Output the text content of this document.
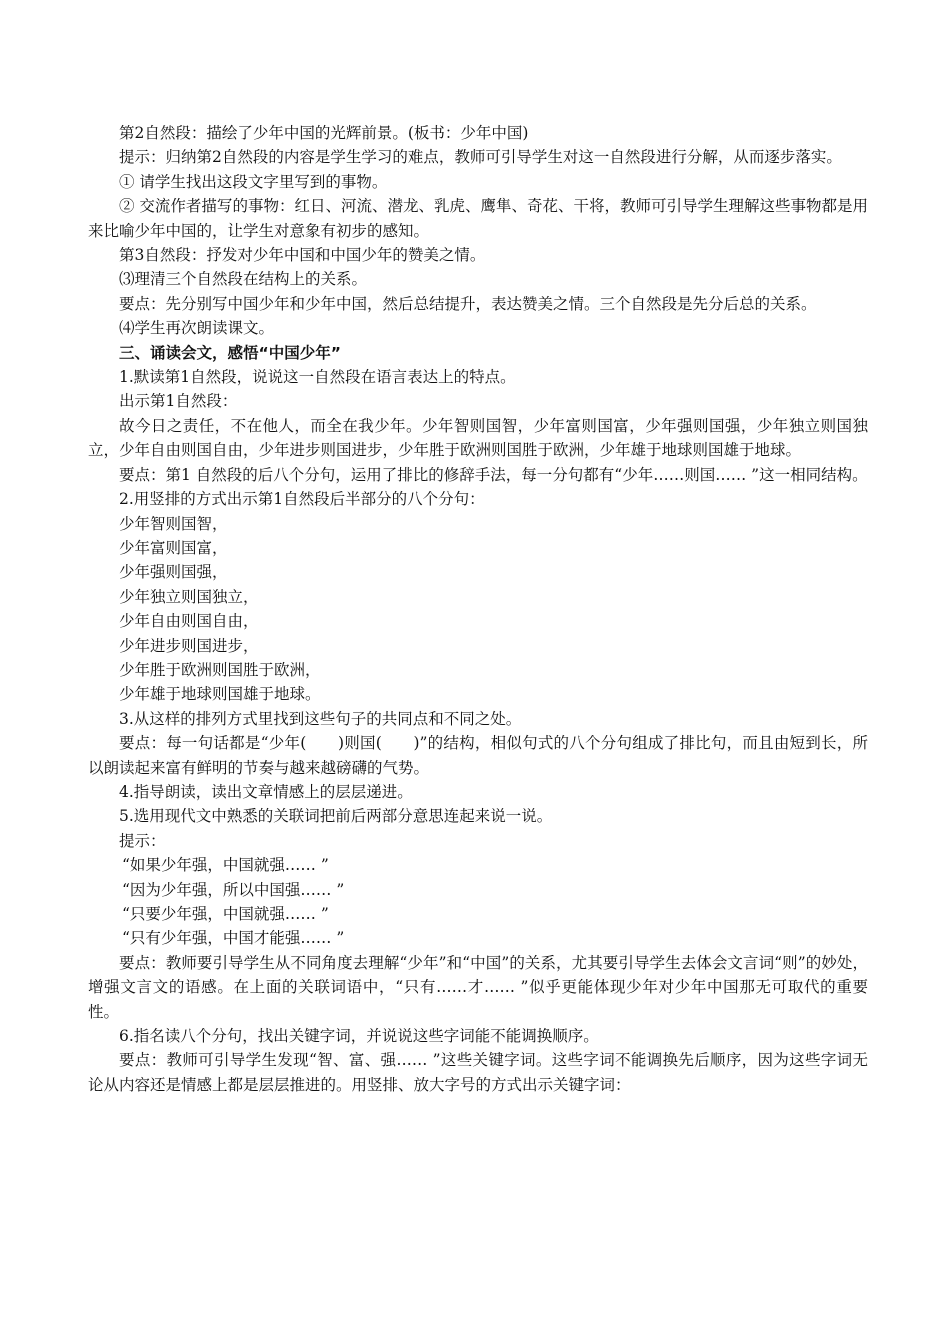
第2自然段：描绘了少年中国的光辉前景。(板书：少年中国)

提示：归纳第2自然段的内容是学生学习的难点，教师可引导学生对这一自然段进行分解，从而逐步落实。

① 请学生找出这段文字里写到的事物。

② 交流作者描写的事物：红日、河流、潜龙、乳虎、鹰隼、奇花、干将，教师可引导学生理解这些事物都是用来比喻少年中国的，让学生对意象有初步的感知。

第3自然段：抒发对少年中国和中国少年的赞美之情。

⑶理清三个自然段在结构上的关系。

要点：先分别写中国少年和少年中国，然后总结提升，表达赞美之情。三个自然段是先分后总的关系。

⑷学生再次朗读课文。

三、诵读会文，感悟“中国少年”

1.默读第1自然段，说说这一自然段在语言表达上的特点。

出示第1自然段：

故今日之责任，不在他人，而全在我少年。少年智则国智，少年富则国富，少年强则国强，少年独立则国独立，少年自由则国自由，少年进步则国进步，少年胜于欧洲则国胜于欧洲，少年雄于地球则国雄于地球。

要点：第1 自然段的后八个分句，运用了排比的修辞手法，每一分句都有“少年……则国…… ”这一相同结构。

2.用竖排的方式出示第1自然段后半部分的八个分句：

少年智则国智，

少年富则国富，

少年强则国强，

少年独立则国独立，

少年自由则国自由，

少年进步则国进步，

少年胜于欧洲则国胜于欧洲，

少年雄于地球则国雄于地球。

3.从这样的排列方式里找到这些句子的共同点和不同之处。

要点：每一句话都是“少年(　　)则国(　　)”的结构，相似句式的八个分句组成了排比句，而且由短到长，所以朗读起来富有鲜明的节奏与越来越磅礴的气势。

4.指导朗读，读出文章情感上的层层递进。

5.选用现代文中熟悉的关联词把前后两部分意思连起来说一说。

提示：

“如果少年强，中国就强…… ”

“因为少年强，所以中国强…… ”

“只要少年强，中国就强…… ”

“只有少年强，中国才能强…… ”

要点：教师要引导学生从不同角度去理解“少年”和“中国”的关系，尤其要引导学生去体会文言词“则”的妙处，增强文言文的语感。在上面的关联词语中，“只有……才…… ”似乎更能体现少年对少年中国那无可取代的重要性。

6.指名读八个分句，找出关键字词，并说说这些字词能不能调换顺序。

要点：教师可引导学生发现“智、富、强…… ”这些关键字词。这些字词不能调换先后顺序，因为这些字词无论从内容还是情感上都是层层推进的。用竖排、放大字号的方式出示关键字词：
